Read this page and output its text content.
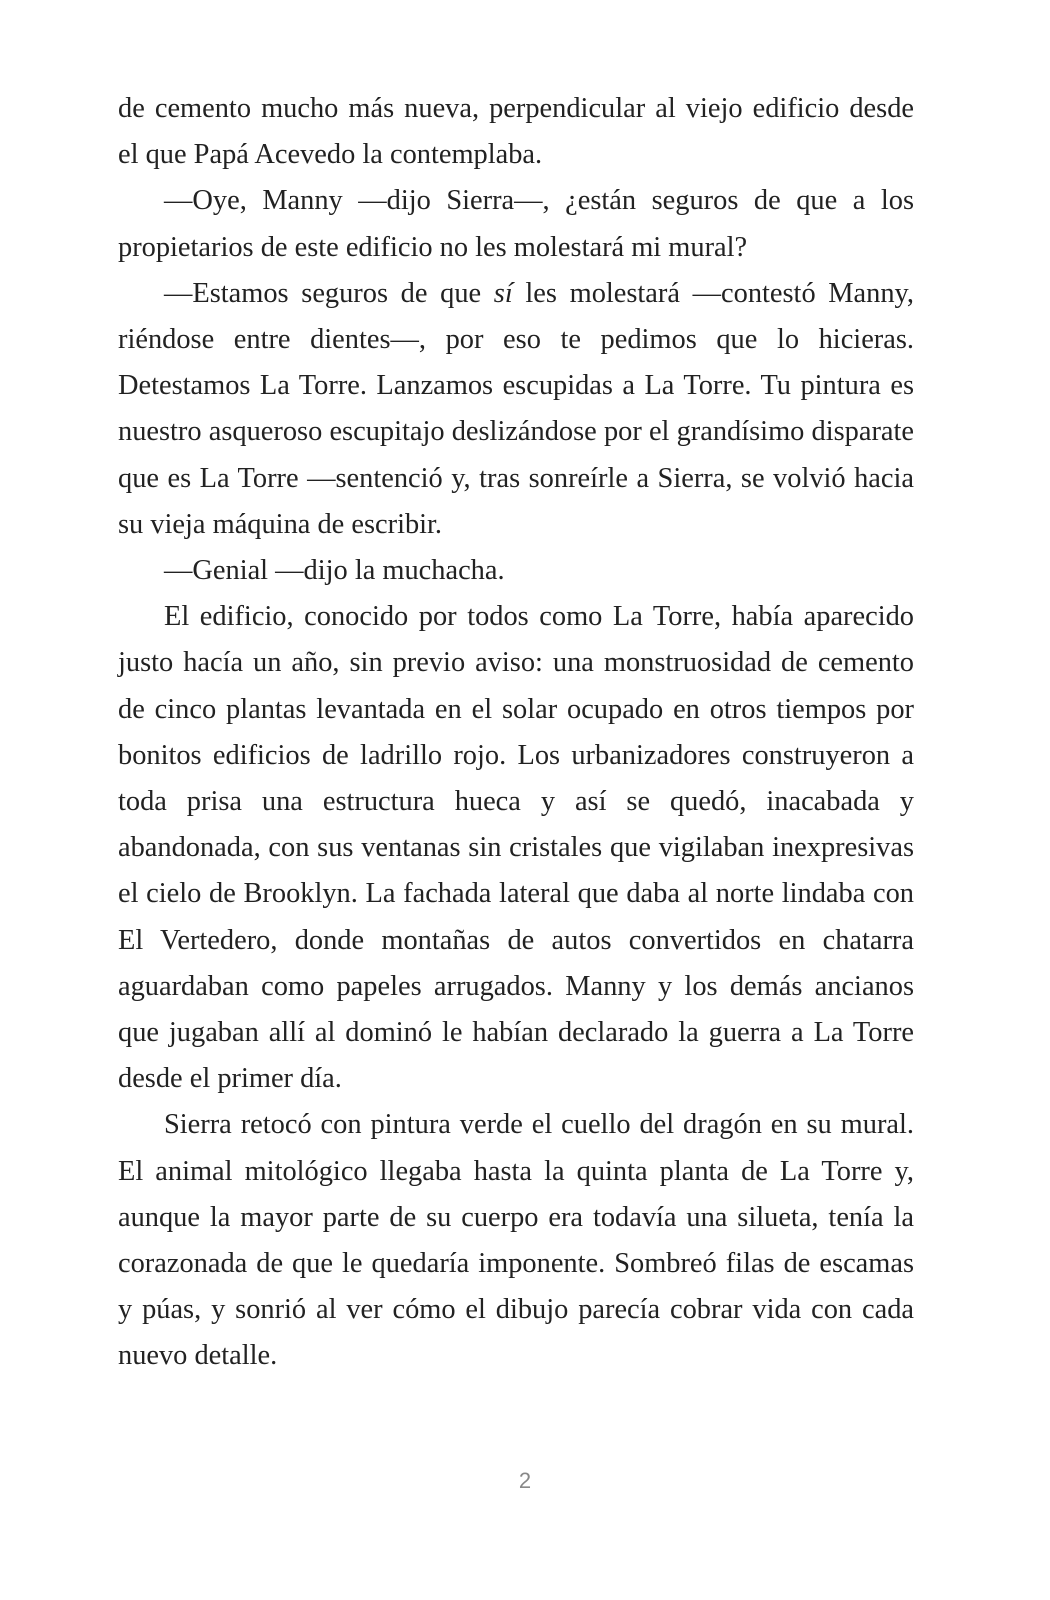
de cemento mucho más nueva, perpendicular al viejo edificio desde el que Papá Acevedo la contemplaba.

—Oye, Manny —dijo Sierra—, ¿están seguros de que a los propietarios de este edificio no les molestará mi mural?

—Estamos seguros de que sí les molestará —contestó Manny, riéndose entre dientes—, por eso te pedimos que lo hicieras. Detestamos La Torre. Lanzamos escupidas a La Torre. Tu pintura es nuestro asqueroso escupitajo deslizándose por el grandísimo disparate que es La Torre —sentenció y, tras sonreírle a Sierra, se volvió hacia su vieja máquina de escribir.

—Genial —dijo la muchacha.

El edificio, conocido por todos como La Torre, había aparecido justo hacía un año, sin previo aviso: una monstruosidad de cemento de cinco plantas levantada en el solar ocupado en otros tiempos por bonitos edificios de ladrillo rojo. Los urbanizadores construyeron a toda prisa una estructura hueca y así se quedó, inacabada y abandonada, con sus ventanas sin cristales que vigilaban inexpresivas el cielo de Brooklyn. La fachada lateral que daba al norte lindaba con El Vertedero, donde montañas de autos convertidos en chatarra aguardaban como papeles arrugados. Manny y los demás ancianos que jugaban allí al dominó le habían declarado la guerra a La Torre desde el primer día.

Sierra retocó con pintura verde el cuello del dragón en su mural. El animal mitológico llegaba hasta la quinta planta de La Torre y, aunque la mayor parte de su cuerpo era todavía una silueta, tenía la corazonada de que le quedaría imponente. Sombreó filas de escamas y púas, y sonrió al ver cómo el dibujo parecía cobrar vida con cada nuevo detalle.

2
